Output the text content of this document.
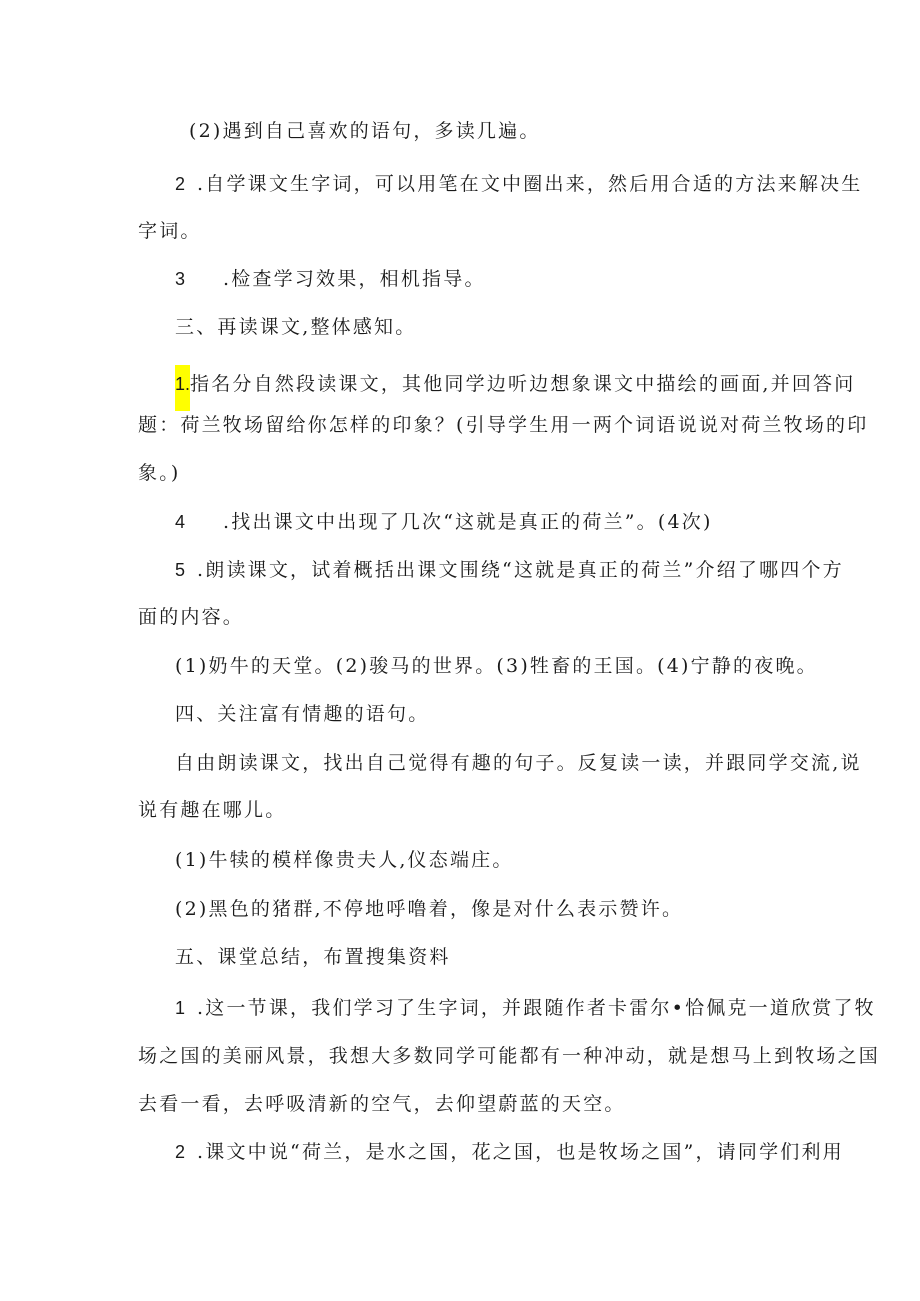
(2)遇到自己喜欢的语句，多读几遍。
2 .自学课文生字词，可以用笔在文中圈出来，然后用合适的方法来解决生
字词。
3 .检查学习效果，相机指导。
三、再读课文,整体感知。
1.指名分自然段读课文，其他同学边听边想象课文中描绘的画面,并回答问
题：荷兰牧场留给你怎样的印象？(引导学生用一两个词语说说对荷兰牧场的印
象。)
4 .找出课文中出现了几次“这就是真正的荷兰”。(4次)
5 .朗读课文，试着概括出课文围绕“这就是真正的荷兰”介绍了哪四个方
面的内容。
(1)奶牛的天堂。(2)骏马的世界。(3)牲畜的王国。(4)宁静的夜晚。
四、关注富有情趣的语句。
自由朗读课文，找出自己觉得有趣的句子。反复读一读，并跟同学交流,说
说有趣在哪儿。
(1)牛犊的模样像贵夫人,仪态端庄。
(2)黑色的猪群,不停地呼噜着，像是对什么表示赞许。
五、课堂总结，布置搜集资料
1 .这一节课，我们学习了生字词，并跟随作者卡雷尔•恰佩克一道欣赏了牧
场之国的美丽风景，我想大多数同学可能都有一种冲动，就是想马上到牧场之国
去看一看，去呼吸清新的空气，去仰望蔚蓝的天空。
2 .课文中说“荷兰，是水之国，花之国，也是牧场之国”，请同学们利用
